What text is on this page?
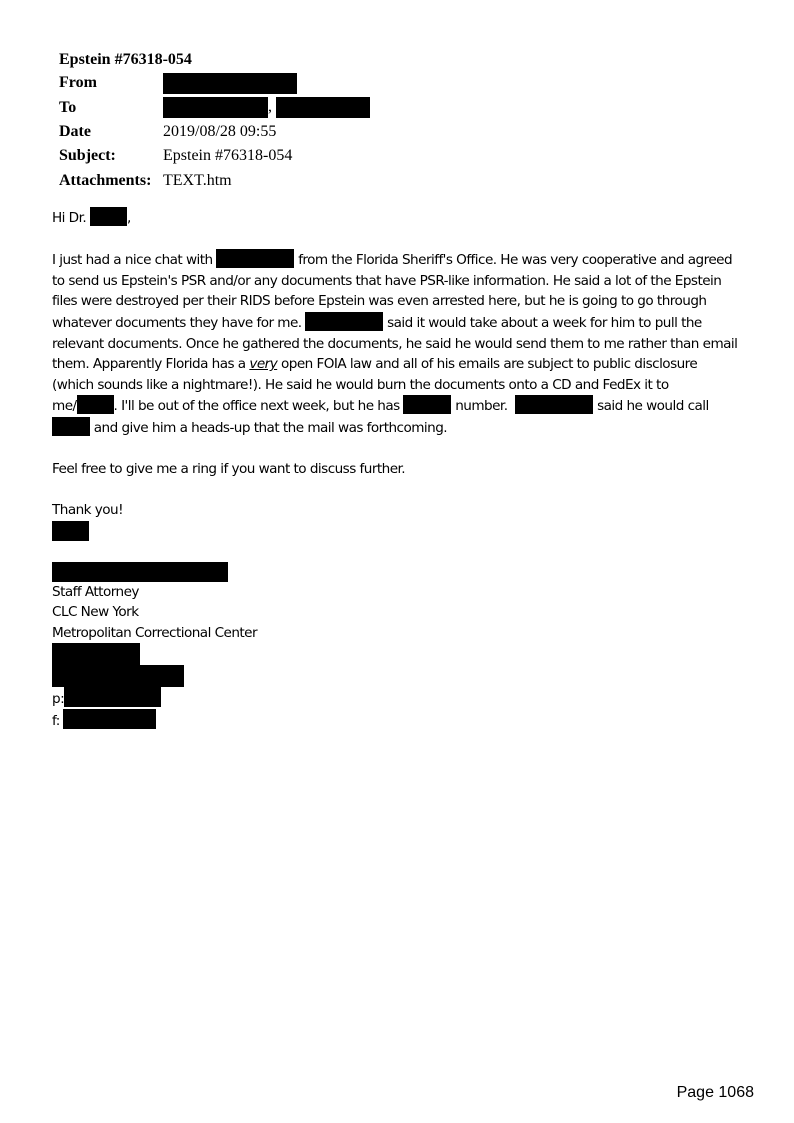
Epstein #76318-054
From	
To	,
Date	2019/08/28 09:55
Subject:	Epstein #76318-054
Attachments:	TEXT.htm

Hi Dr.	,

I just had a nice chat with	from the Florida Sheriff's Office. He was very cooperative and agreed
to send us Epstein's PSR and/or any documents that have PSR-like information. He said a lot of the Epstein
files were destroyed per their RIDS before Epstein was even arrested here, but he is going to go through
whatever documents they have for me.	said it would take about a week for him to pull the
relevant documents. Once he gathered the documents, he said he would send them to me rather than email
them. Apparently Florida has a very open FOIA law and all of his emails are subject to public disclosure
(which sounds like a nightmare!). He said he would burn the documents onto a CD and FedEx it to
me/	. I'll be out of the office next week, but he has	number.	said he would call
and give him a heads-up that the mail was forthcoming.

Feel free to give me a ring if you want to discuss further.

Thank you!

Staff Attorney
CLC New York
Metropolitan Correctional Center
p:
f:
Page 1068
